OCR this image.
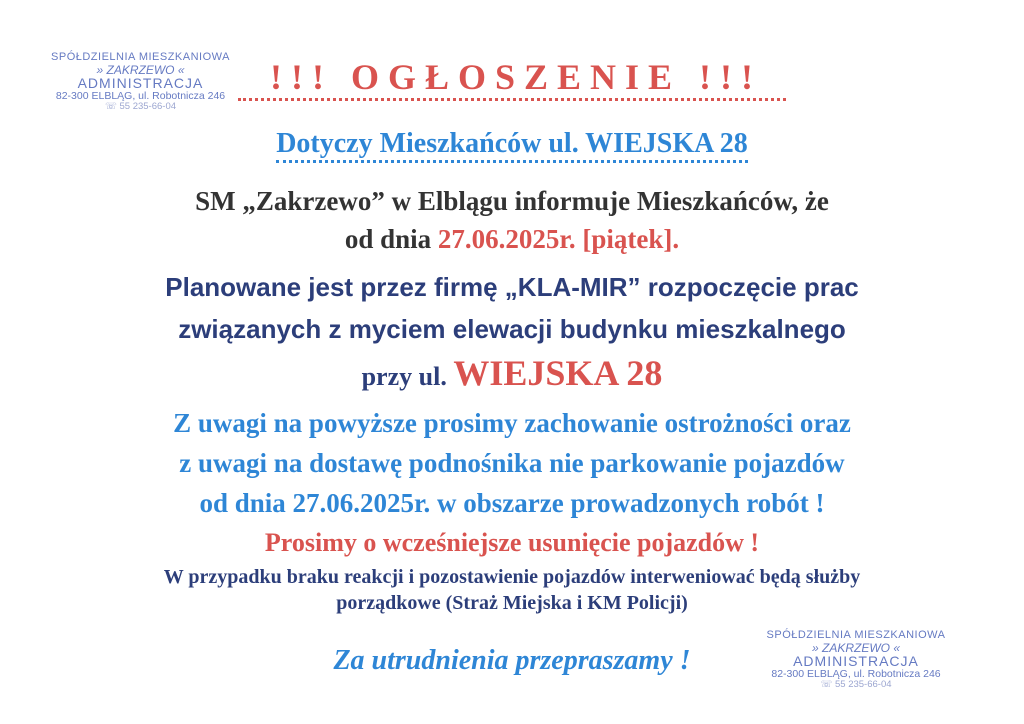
SPÓŁDZIELNIA MIESZKANIOWA
» ZAKRZEWO «
ADMINISTRACJA
82-300 ELBLĄG, ul. Robotnicza 246
☏ 55 235-66-04
!!! OGŁOSZENIE !!!
Dotyczy Mieszkańców ul. WIEJSKA 28
SM „Zakrzewo” w Elblągu informuje Mieszkańców, że
od dnia 27.06.2025r. [piątek].
Planowane jest przez firmę „KLA-MIR” rozpoczęcie prac
związanych z myciem elewacji budynku mieszkalnego
przy ul. WIEJSKA 28
Z uwagi na powyższe prosimy zachowanie ostrożności oraz
z uwagi na dostawę podnośnika nie parkowanie pojazdów
od dnia 27.06.2025r. w obszarze prowadzonych robót !
Prosimy o wcześniejsze usunięcie pojazdów !
W przypadku braku reakcji i pozostawienie pojazdów interweniować będą służby
porządkowe (Straż Miejska i KM Policji)
Za utrudnienia przepraszamy !
SPÓŁDZIELNIA MIESZKANIOWA
» ZAKRZEWO «
ADMINISTRACJA
82-300 ELBLĄG, ul. Robotnicza 246
☏ 55 235-66-04
